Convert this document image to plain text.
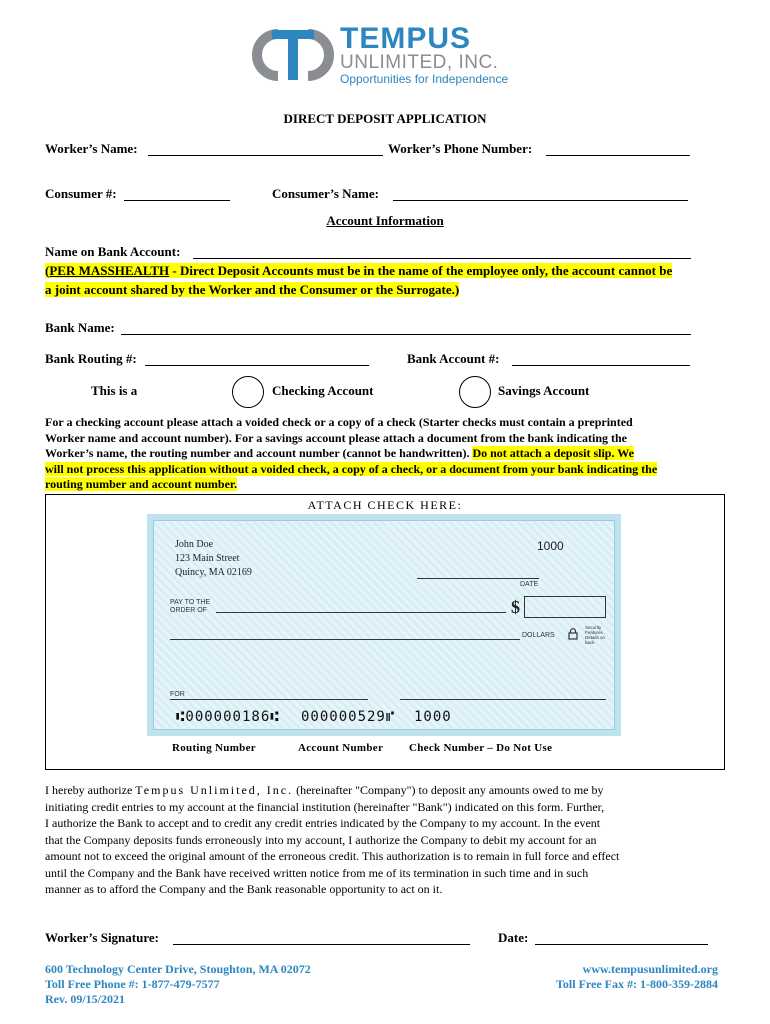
TEMPUS
UNLIMITED, INC.
Opportunities for Independence
DIRECT DEPOSIT APPLICATION
Worker’s Name:	Worker’s Phone Number:
Consumer #:	Consumer’s Name:
Account Information
Name on Bank Account:
(PER MASSHEALTH - Direct Deposit Accounts must be in the name of the employee only, the account cannot be
a joint account shared by the Worker and the Consumer or the Surrogate.)
Bank Name:
Bank Routing #:	Bank Account #:
This is a	Checking Account	Savings Account
For a checking account please attach a voided check or a copy of a check (Starter checks must contain a preprinted
Worker name and account number). For a savings account please attach a document from the bank indicating the
Worker’s name, the routing number and account number (cannot be handwritten). Do not attach a deposit slip. We
will not process this application without a voided check, a copy of a check, or a document from your bank indicating the
routing number and account number.
ATTACH CHECK HERE:
John Doe
123 Main Street
Quincy, MA 02169
1000
DATE
PAY TO THE
ORDER OF	$
DOLLARS
Security
Features
Details on
back
FOR
⑆000000186⑆ 000000529⑈ 1000
Routing Number	Account Number Check Number – Do Not Use
I hereby authorize Tempus Unlimited, Inc. (hereinafter "Company") to deposit any amounts owed to me by
initiating credit entries to my account at the financial institution (hereinafter "Bank") indicated on this form. Further,
I authorize the Bank to accept and to credit any credit entries indicated by the Company to my account. In the event
that the Company deposits funds erroneously into my account, I authorize the Company to debit my account for an
amount not to exceed the original amount of the erroneous credit. This authorization is to remain in full force and effect
until the Company and the Bank have received written notice from me of its termination in such time and in such
manner as to afford the Company and the Bank reasonable opportunity to act on it.
Worker’s Signature:	Date:
600 Technology Center Drive, Stoughton, MA 02072
Toll Free Phone #: 1-877-479-7577
Rev. 09/15/2021
www.tempusunlimited.org
Toll Free Fax #: 1-800-359-2884
